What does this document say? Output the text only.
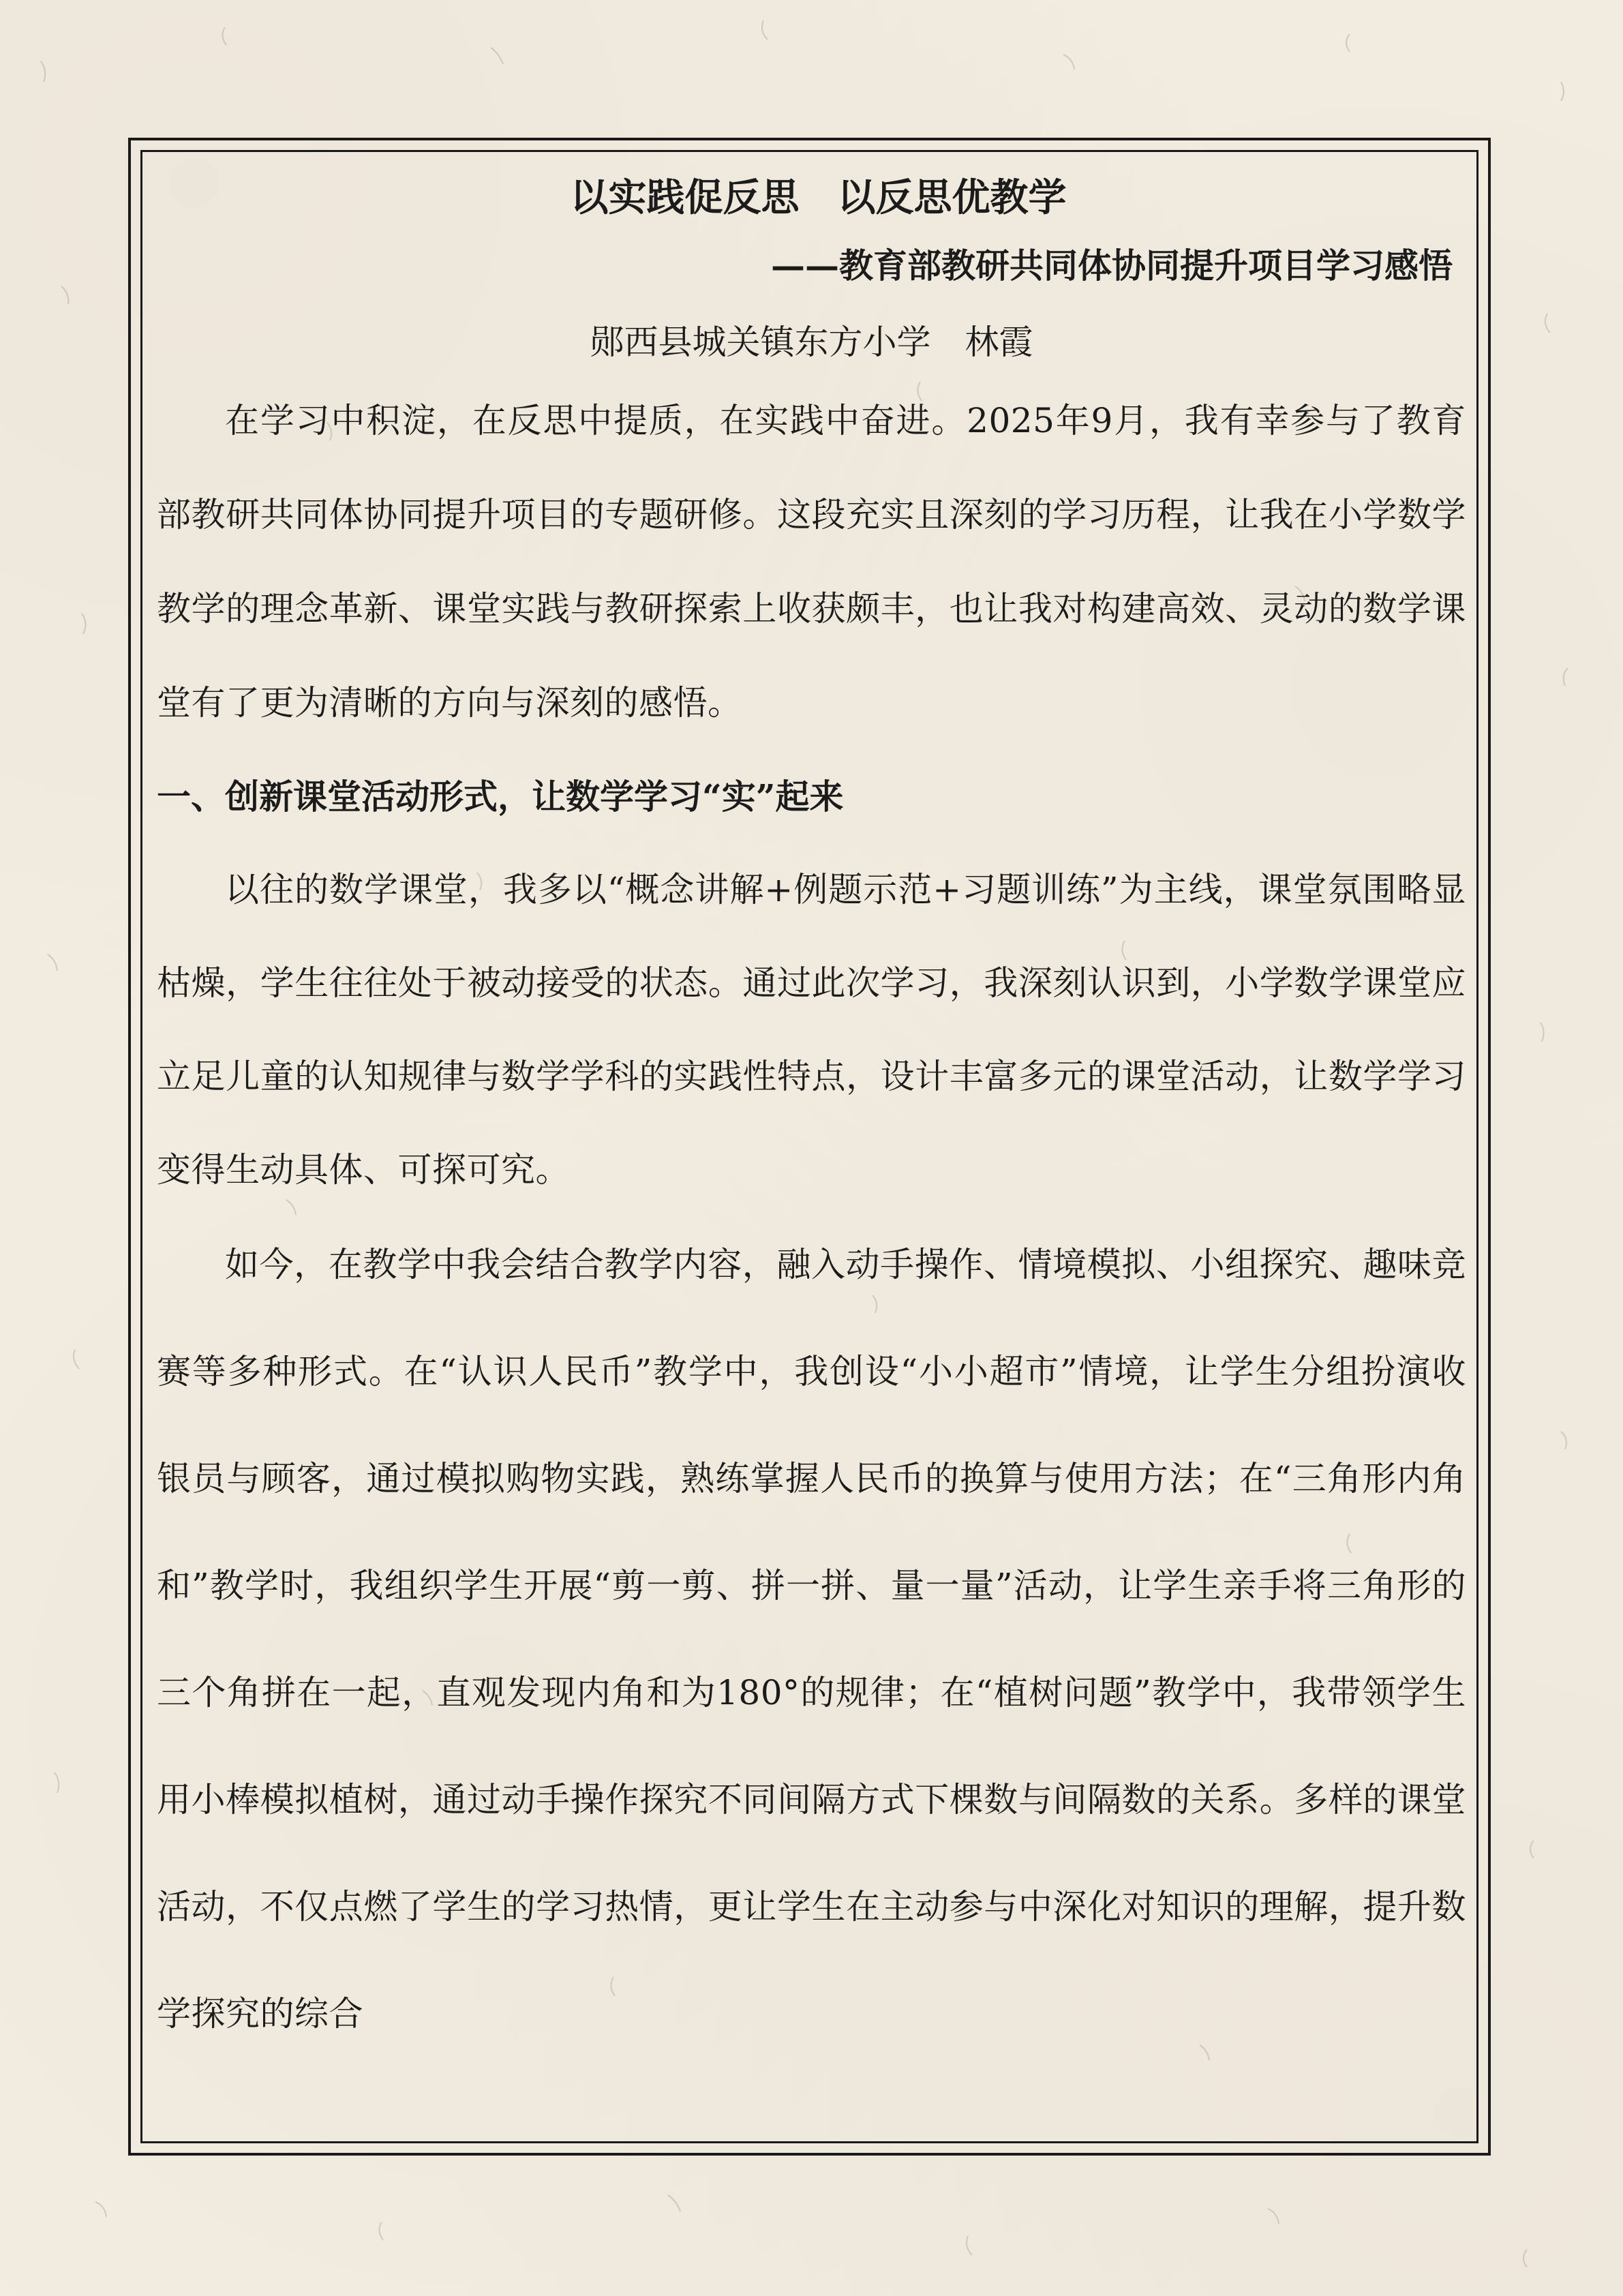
以实践促反思　以反思优教学
——教育部教研共同体协同提升项目学习感悟
郧西县城关镇东方小学　林霞

在学习中积淀，在反思中提质，在实践中奋进。2025年9月，我有幸参与了教育部教研共同体协同提升项目的专题研修。这段充实且深刻的学习历程，让我在小学数学教学的理念革新、课堂实践与教研探索上收获颇丰，也让我对构建高效、灵动的数学课堂有了更为清晰的方向与深刻的感悟。

一、创新课堂活动形式，让数学学习“实”起来

以往的数学课堂，我多以“概念讲解+例题示范+习题训练”为主线，课堂氛围略显枯燥，学生往往处于被动接受的状态。通过此次学习，我深刻认识到，小学数学课堂应立足儿童的认知规律与数学学科的实践性特点，设计丰富多元的课堂活动，让数学学习变得生动具体、可探可究。

如今，在教学中我会结合教学内容，融入动手操作、情境模拟、小组探究、趣味竞赛等多种形式。在“认识人民币”教学中，我创设“小小超市”情境，让学生分组扮演收银员与顾客，通过模拟购物实践，熟练掌握人民币的换算与使用方法；在“三角形内角和”教学时，我组织学生开展“剪一剪、拼一拼、量一量”活动，让学生亲手将三角形的三个角拼在一起，直观发现内角和为180°的规律；在“植树问题”教学中，我带领学生用小棒模拟植树，通过动手操作探究不同间隔方式下棵数与间隔数的关系。多样的课堂活动，不仅点燃了学生的学习热情，更让学生在主动参与中深化对知识的理解，提升数学探究的综合
